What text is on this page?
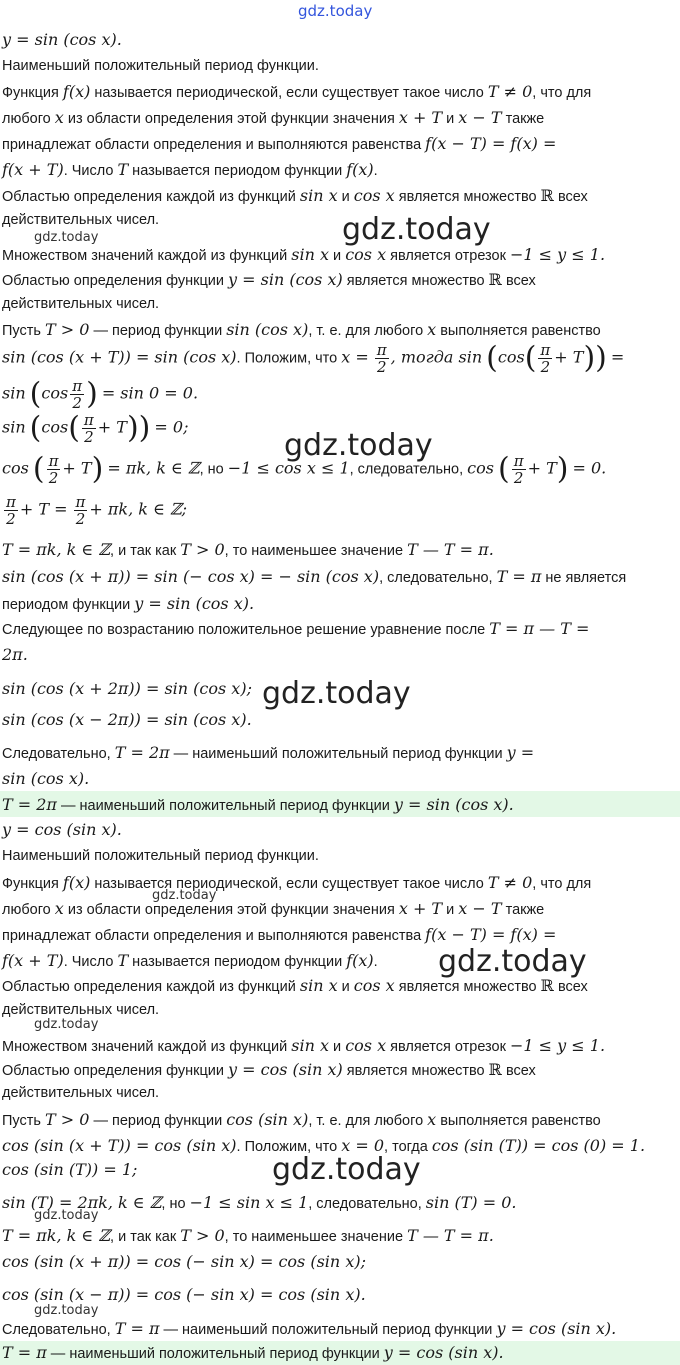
gdz.today
gdz.today	gdz.today
gdz.today
gdz.today
gdz.today
gdz.today
gdz.today
gdz.today
gdz.today
gdz.today
y = sin (cos x).
Наименьший положительный период функции.
Функция f(x) называется периодической, если существует такое число T ≠ 0, что для
любого x из области определения этой функции значения x + T и x − T также
принадлежат области определения и выполняются равенства f(x − T) = f(x) =
f(x + T). Число T называется периодом функции f(x).
Областью определения каждой из функций sin x и cos x является множество ℝ всех
действительных чисел.
Множеством значений каждой из функций sin x и cos x является отрезок −1 ≤ y ≤ 1.
Областью определения функции y = sin (cos x) является множество ℝ всех
действительных чисел.
Пусть T > 0 — период функции sin (cos x), т. е. для любого x выполняется равенство
sin (cos (x + T)) = sin (cos x). Положим, что $x = \frac{\pi}{2}$ , тогда $\sin (\cos( \frac{\pi}{2} + T))$ =
$\sin (\cos \frac{\pi}{2}$ ) = sin 0 = 0.
$\sin (\cos( \frac{\pi}{2} + T)) = 0$;
cos ( $\frac{\pi}{2} + T) = \pi k$, k ∈ ℤ, но −1 ≤ cos x ≤ 1, следовательно, cos ( $\frac{\pi}{2} + T) = 0$.
$\frac{\pi}{2} + T = \frac{\pi}{2} + \pi k$, k ∈ ℤ;
T = πk, k ∈ ℤ, и так как T > 0, то наименьшее значение T — T = π.
sin (cos (x + π)) = sin (− cos x) = − sin (cos x), следовательно, T = π не является
периодом функции y = sin (cos x).
Следующее по возрастанию положительное решение уравнение после T = π — T =
2π.
sin (cos (x + 2π)) = sin (cos x);
sin (cos (x − 2π)) = sin (cos x).
Следовательно, T = 2π — наименьший положительный период функции y =
sin (cos x).
T = 2π — наименьший положительный период функции y = sin (cos x).
y = cos (sin x).
Наименьший положительный период функции.
Функция f(x) называется периодической, если существует такое число T ≠ 0, что для
любого x из области определения этой функции значения x + T и x − T также
принадлежат области определения и выполняются равенства f(x − T) = f(x) =
f(x + T). Число T называется периодом функции f(x).
Областью определения каждой из функций sin x и cos x является множество ℝ всех
действительных чисел.
Множеством значений каждой из функций sin x и cos x является отрезок −1 ≤ y ≤ 1.
Областью определения функции y = cos (sin x) является множество ℝ всех
действительных чисел.
Пусть T > 0 — период функции cos (sin x), т. е. для любого x выполняется равенство
cos (sin (x + T)) = cos (sin x). Положим, что x = 0, тогда cos (sin (T)) = cos (0) = 1.
cos (sin (T)) = 1;
sin (T) = 2πk, k ∈ ℤ, но −1 ≤ sin x ≤ 1, следовательно, sin (T) = 0.
T = πk, k ∈ ℤ, и так как T > 0, то наименьшее значение T — T = π.
cos (sin (x + π)) = cos (− sin x) = cos (sin x);
cos (sin (x − π)) = cos (− sin x) = cos (sin x).
Следовательно, T = π — наименьший положительный период функции y = cos (sin x).
T = π — наименьший положительный период функции y = cos (sin x).
